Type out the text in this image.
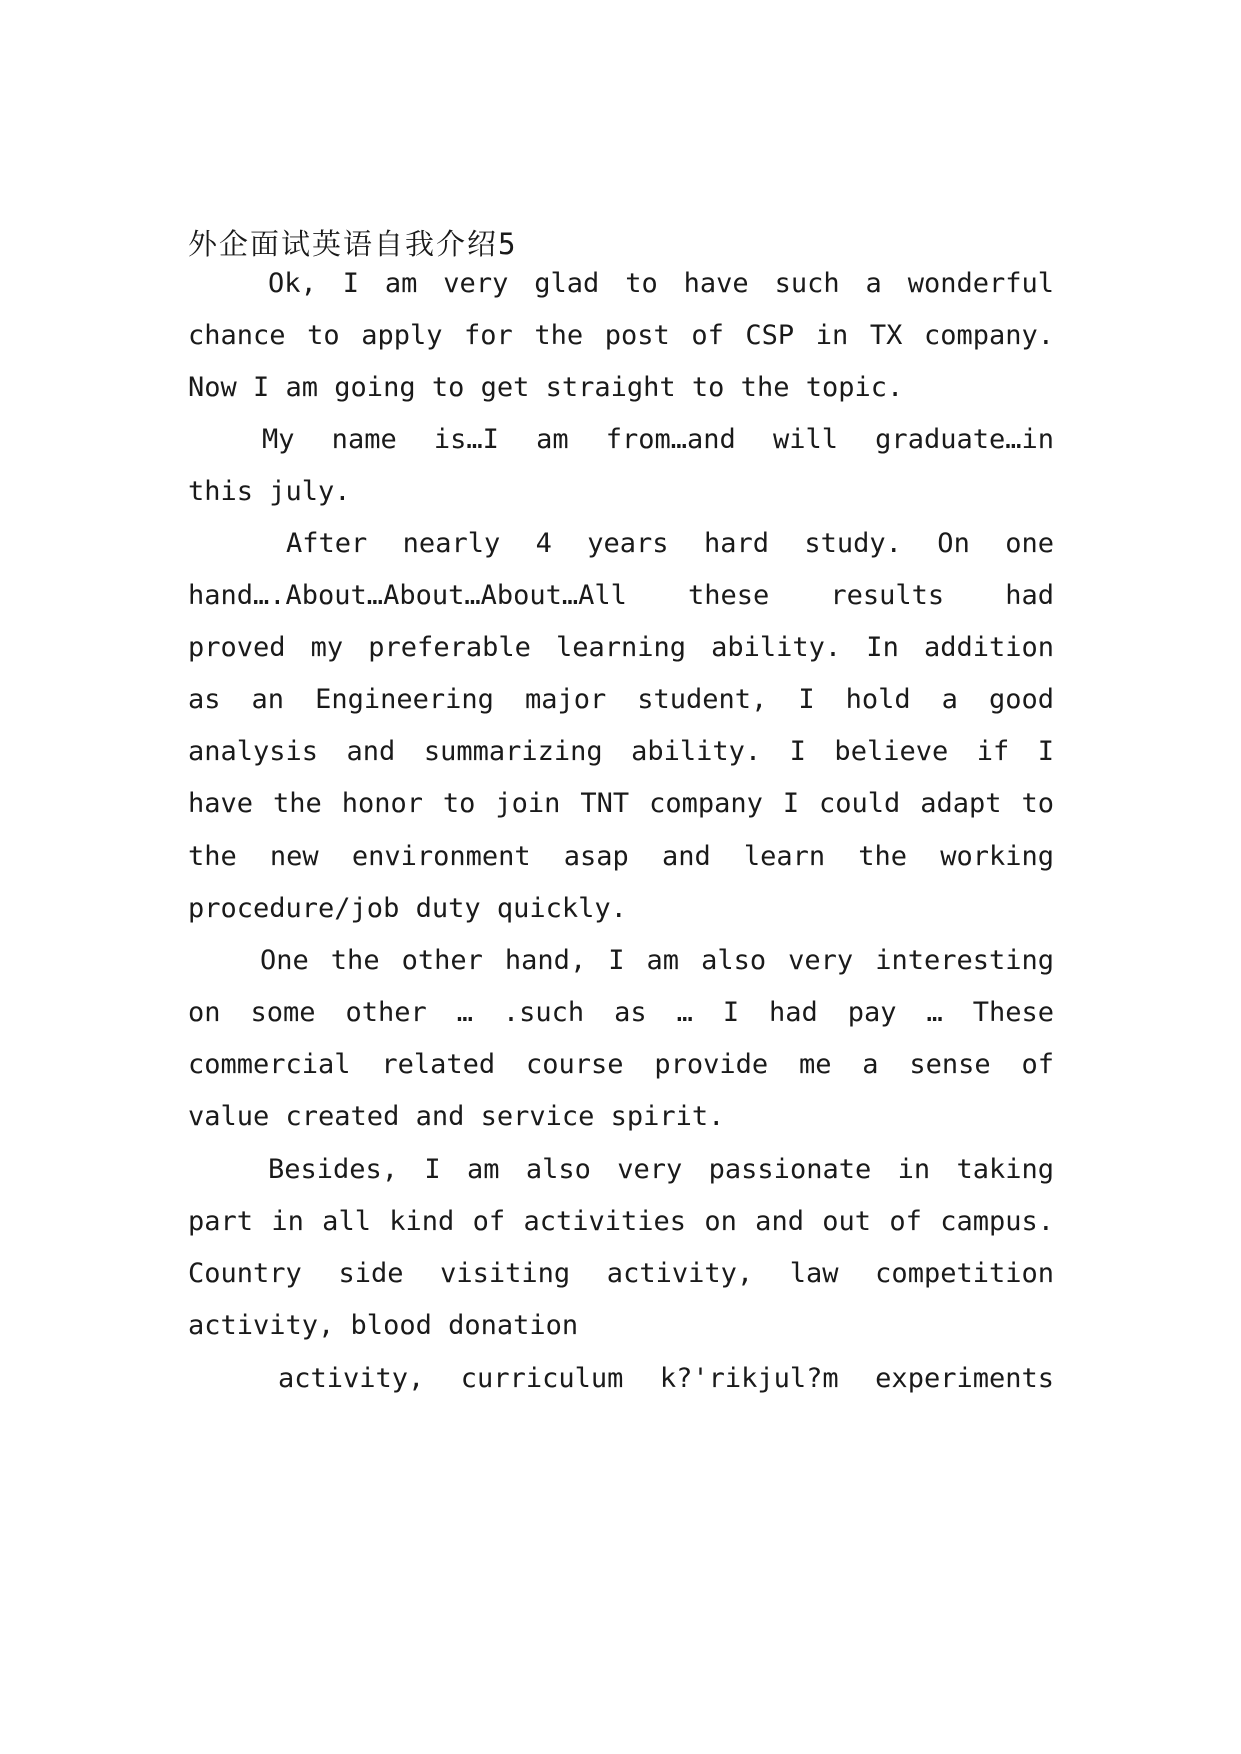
外企面试英语自我介绍5
Ok, I am very glad to have such a wonderful
chance to apply for the post of CSP in TX company.
Now I am going to get straight to the topic.
My name is…I am from…and will graduate…in
this july.
After nearly 4 years hard study. On one
hand….About…About…About…All these results had
proved my preferable learning ability. In addition
as an Engineering major student, I hold a good
analysis and summarizing ability. I believe if I
have the honor to join TNT company I could adapt to
the new environment asap and learn the working
procedure/job duty quickly.
One the other hand, I am also very interesting
on some other … .such as … I had pay … These
commercial related course provide me a sense of
value created and service spirit.
Besides, I am also very passionate in taking
part in all kind of activities on and out of campus.
Country side visiting activity, law competition
activity, blood donation
activity, curriculum k?'rikjul?m experiments
